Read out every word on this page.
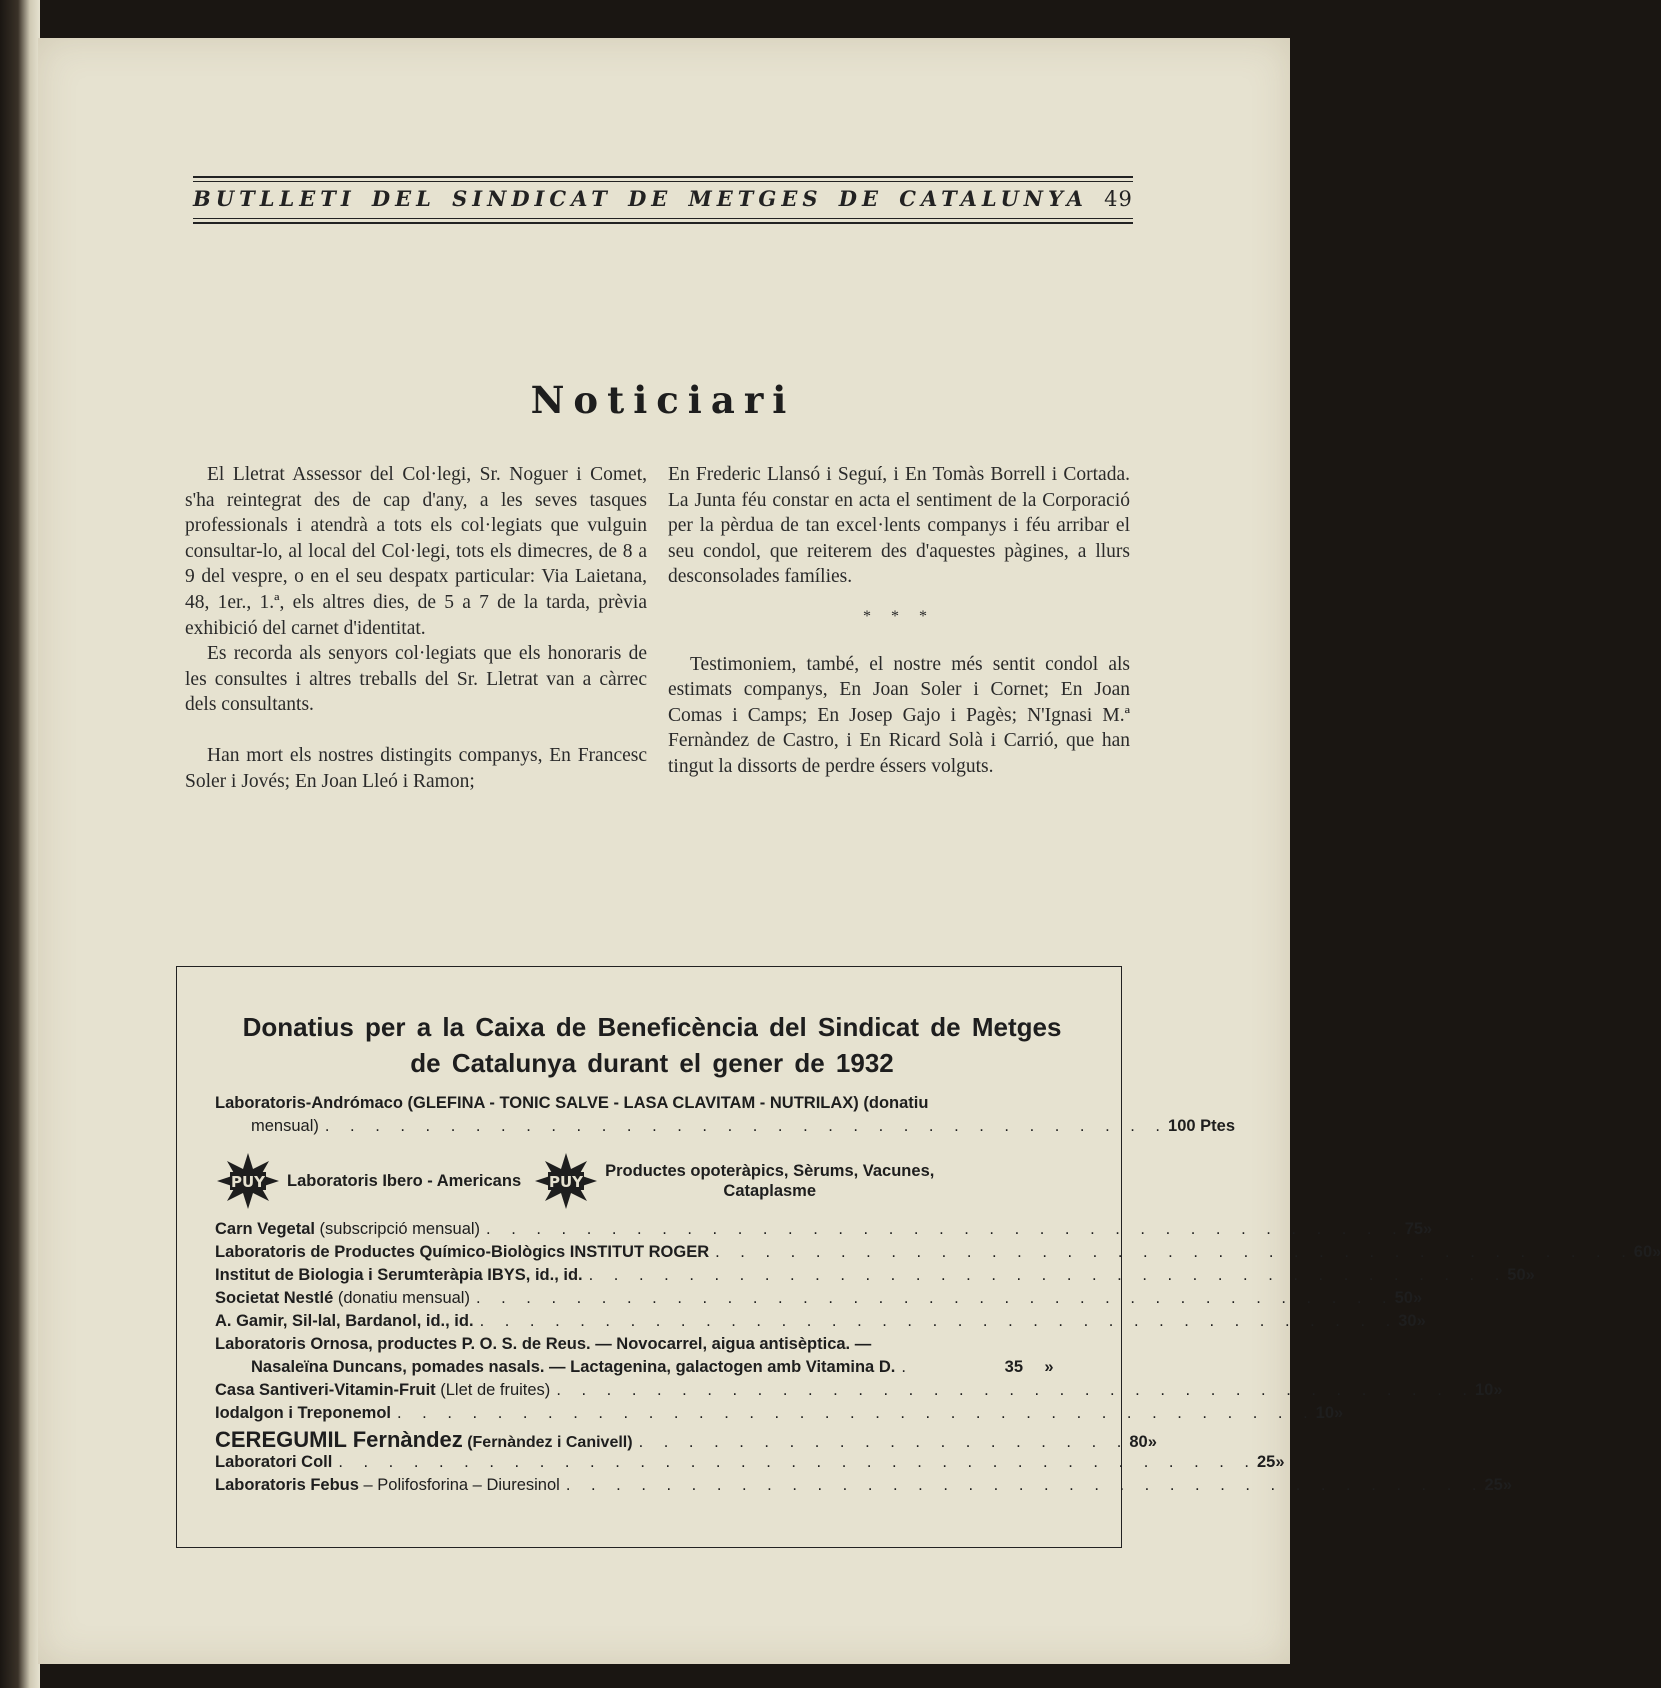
BUTLLETI DEL SINDICAT DE METGES DE CATALUNYA 49
Noticiari

El Lletrat Assessor del Col·legi, Sr. Noguer i Comet, s'ha reintegrat des de cap d'any, a les seves tasques professionals i atendrà a tots els col·legiats que vulguin consultar-lo, al local del Col·legi, tots els dimecres, de 8 a 9 del vespre, o en el seu despatx particular: Via Laietana, 48, 1er., 1.ª, els altres dies, de 5 a 7 de la tarda, prèvia exhibició del carnet d'identitat.

Es recorda als senyors col·legiats que els honoraris de les consultes i altres treballs del Sr. Lletrat van a càrrec dels consultants.

Han mort els nostres distingits companys, En Francesc Soler i Jovés; En Joan Lleó i Ramon;

En Frederic Llansó i Seguí, i En Tomàs Borrell i Cortada. La Junta féu constar en acta el sentiment de la Corporació per la pèrdua de tan excel·lents companys i féu arribar el seu condol, que reiterem des d'aquestes pàgines, a llurs desconsolades famílies.

* * *

Testimoniem, també, el nostre més sentit condol als estimats companys, En Joan Soler i Cornet; En Joan Comas i Camps; En Josep Gajo i Pagès; N'Ignasi M.ª Fernàndez de Castro, i En Ricard Solà i Carrió, que han tingut la dissorts de perdre éssers volguts.

Donatius per a la Caixa de Beneficència del Sindicat de Metges
de Catalunya durant el gener de 1932
Laboratoris-Andrómaco (GLEFINA - TONIC SALVE - LASA CLAVITAM - NUTRILAX) (donatiu
mensual) . . . . . . . . . . . . . . . . . . . . . . . . . . . . . . . . . . 100 Ptes
PUY Laboratoris Ibero - Americans PUY
Productes opoteràpics, Sèrums, Vacunes,
Cataplasme
Carn Vegetal (subscripció mensual) . . . . . . . . . . . . . . . . . . . . . . . . . . . . . . . . . . . . . 75 »
Laboratoris de Productes Químico-Biològics INSTITUT ROGER . . . . . . . . . . . . . . . . . . . . . . . . . . . . . . . . . . . . . 60 »
Institut de Biologia i Serumteràpia IBYS, id., id. . . . . . . . . . . . . . . . . . . . . . . . . . . . . . . . . . . . . . 50 »
Societat Nestlé (donatiu mensual) . . . . . . . . . . . . . . . . . . . . . . . . . . . . . . . . . . . . . 50 »
A. Gamir, Sil-lal, Bardanol, id., id. . . . . . . . . . . . . . . . . . . . . . . . . . . . . . . . . . . . . . 30 »
Laboratoris Ornosa, productes P. O. S. de Reus. — Novocarrel, aigua antisèptica. —
Nasaleïna Duncans, pomades nasals. — Lactagenina, galactogen amb Vitamina D. .	35	»
Casa Santiveri-Vitamin-Fruit (Llet de fruites) . . . . . . . . . . . . . . . . . . . . . . . . . . . . . . . . . . . . . 10 »
Iodalgon i Treponemol . . . . . . . . . . . . . . . . . . . . . . . . . . . . . . . . . . . . . 10 »
CEREGUMIL Fernàndez (Fernàndez i Canivell) . . . . . . . . . . . . . . . . . . . . 80 »
Laboratori Coll . . . . . . . . . . . . . . . . . . . . . . . . . . . . . . . . . . . . . 25 »
Laboratoris Febus – Polifosforina – Diuresinol . . . . . . . . . . . . . . . . . . . . . . . . . . . . . . . . . . . . . 25 »
